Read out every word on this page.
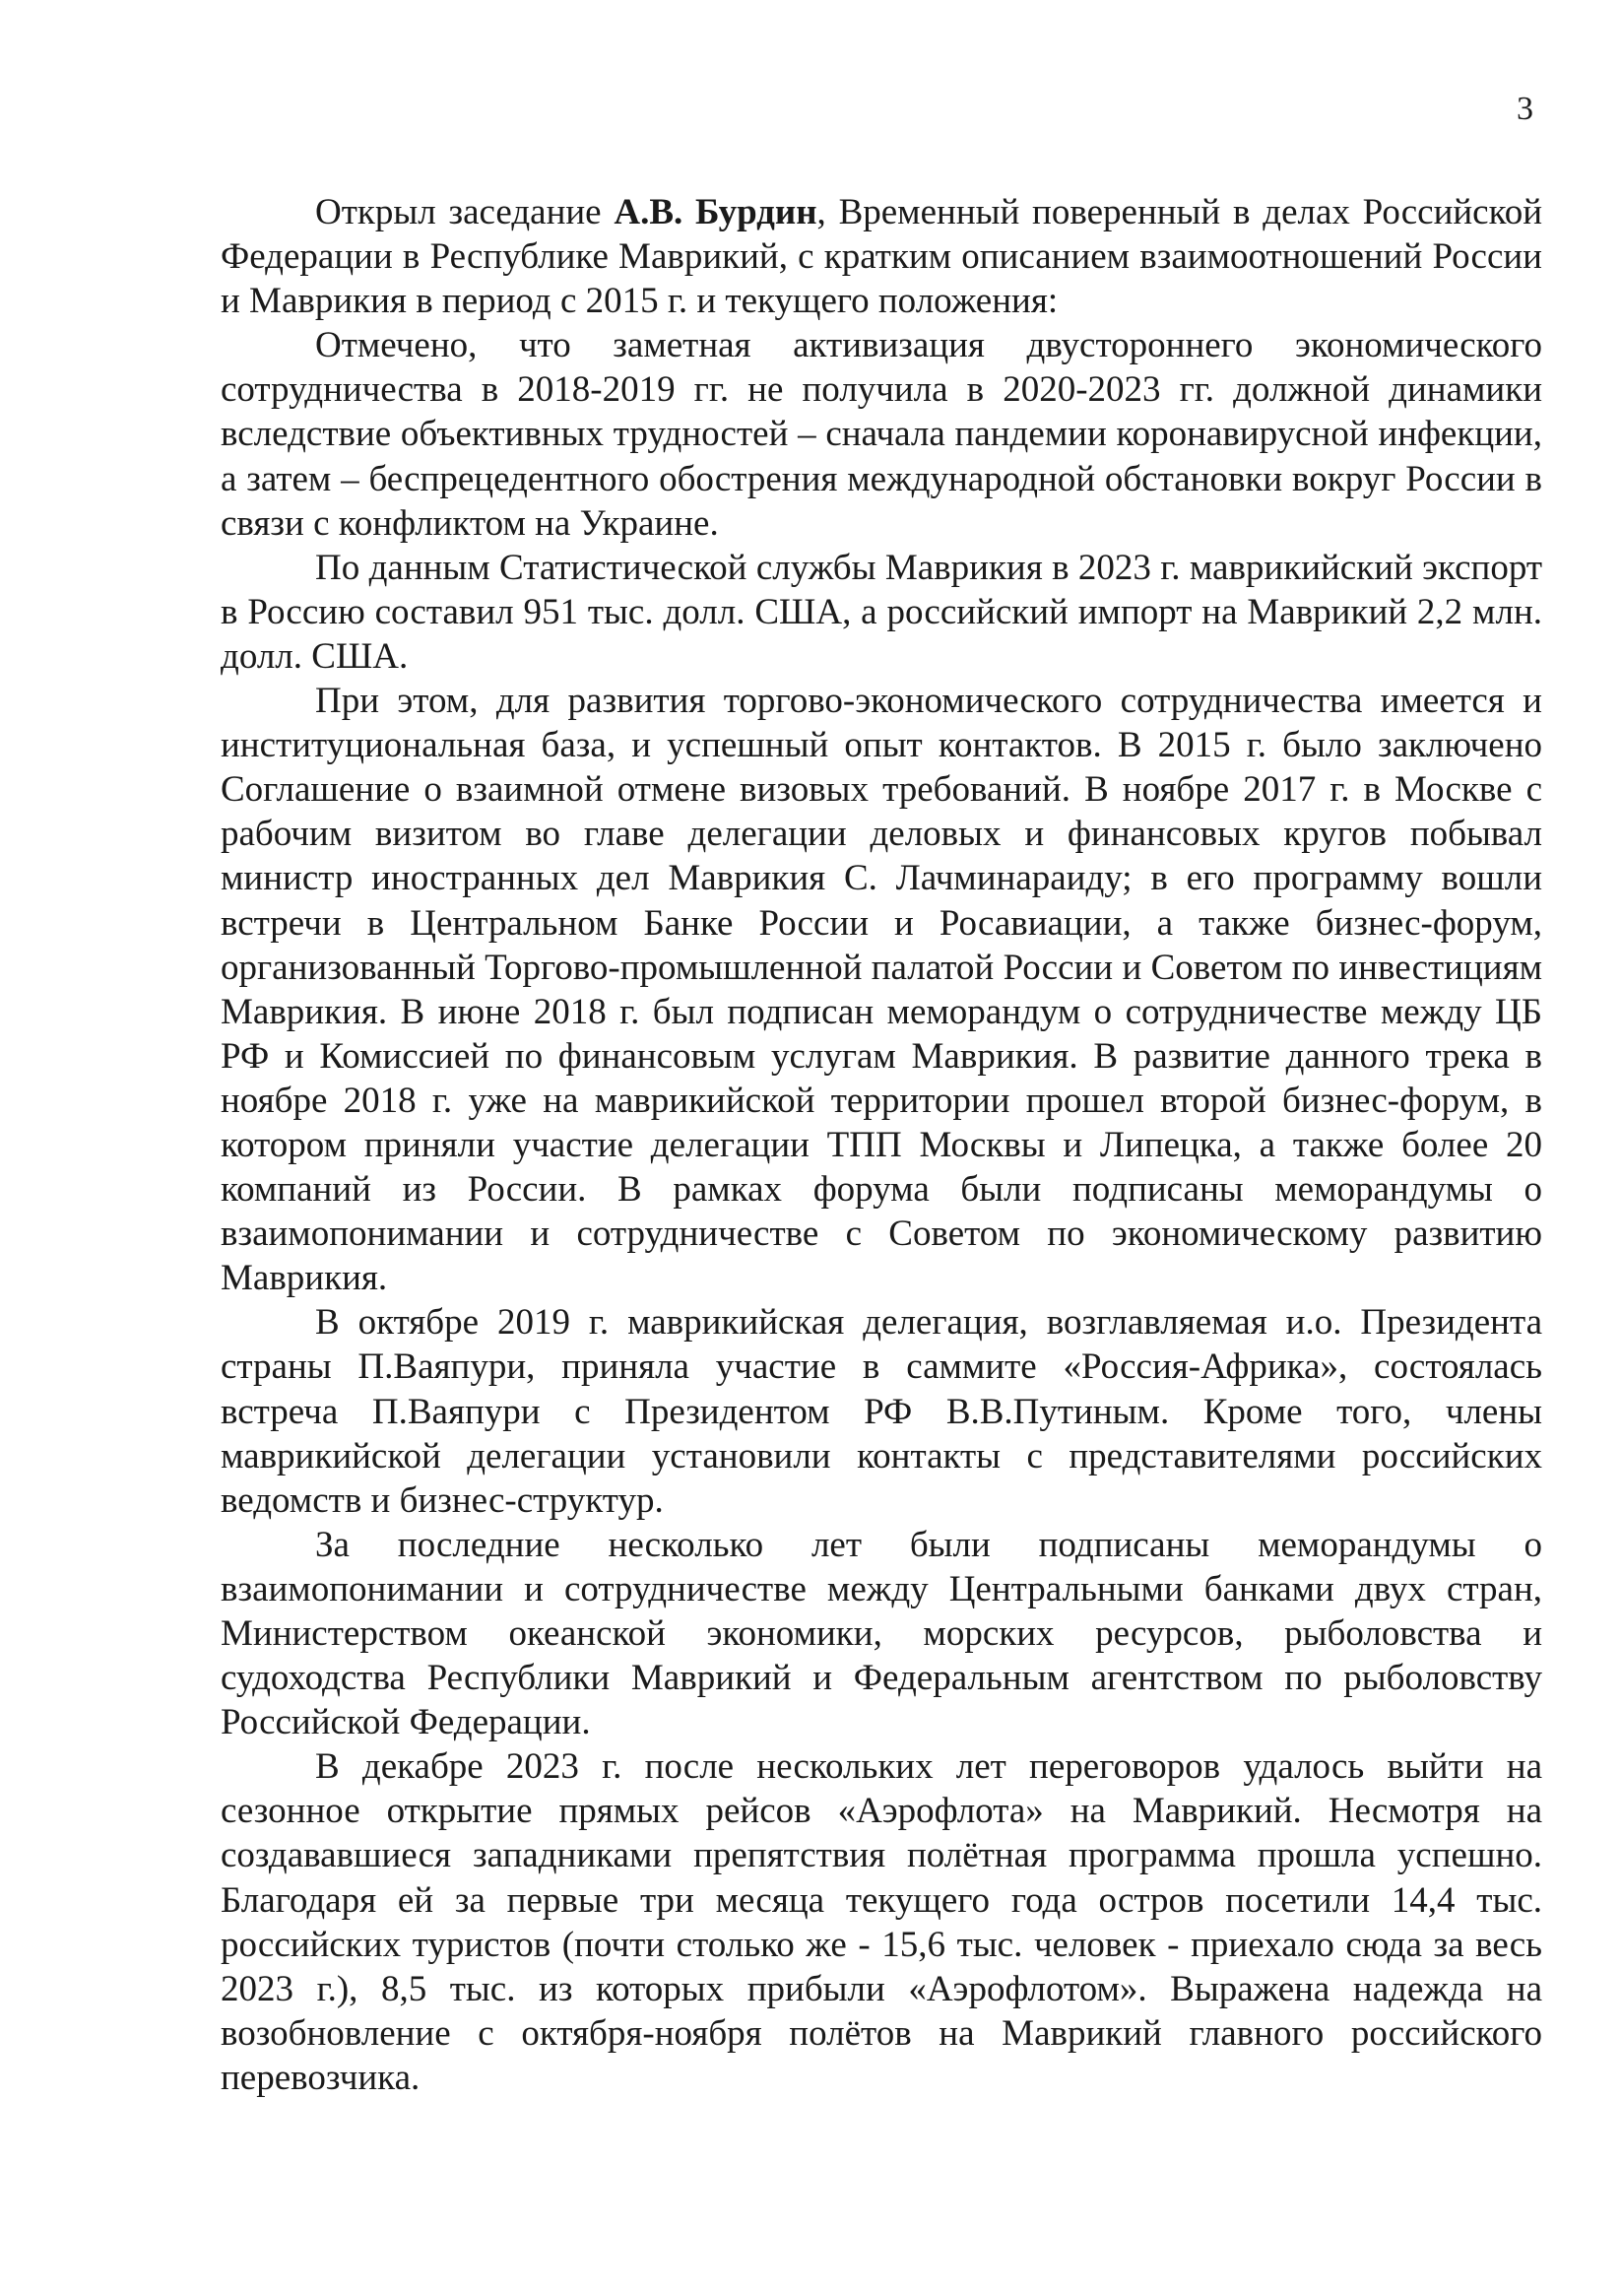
3

Открыл заседание А.В. Бурдин, Временный поверенный в делах Российской Федерации в Республике Маврикий, с кратким описанием взаимоотношений России и Маврикия в период с 2015 г. и текущего положения:

Отмечено, что заметная активизация двустороннего экономического сотрудничества в 2018-2019 гг. не получила в 2020-2023 гг. должной динамики вследствие объективных трудностей – сначала пандемии коронавирусной инфекции, а затем – беспрецедентного обострения международной обстановки вокруг России в связи с конфликтом на Украине.

По данным Статистической службы Маврикия в 2023 г. маврикийский экспорт в Россию составил 951 тыс. долл. США, а российский импорт на Маврикий 2,2 млн. долл. США.

При этом, для развития торгово-экономического сотрудничества имеется и институциональная база, и успешный опыт контактов. В 2015 г. было заключено Соглашение о взаимной отмене визовых требований. В ноябре 2017 г. в Москве с рабочим визитом во главе делегации деловых и финансовых кругов побывал министр иностранных дел Маврикия С. Лачминараиду; в его программу вошли встречи в Центральном Банке России и Росавиации, а также бизнес-форум, организованный Торгово-промышленной палатой России и Советом по инвестициям Маврикия. В июне 2018 г. был подписан меморандум о сотрудничестве между ЦБ РФ и Комиссией по финансовым услугам Маврикия. В развитие данного трека в ноябре 2018 г. уже на маврикийской территории прошел второй бизнес-форум, в котором приняли участие делегации ТПП Москвы и Липецка, а также более 20 компаний из России. В рамках форума были подписаны меморандумы о взаимопонимании и сотрудничестве с Советом по экономическому развитию Маврикия.

В октябре 2019 г. маврикийская делегация, возглавляемая и.о. Президента страны П.Ваяпури, приняла участие в саммите «Россия-Африка», состоялась встреча П.Ваяпури с Президентом РФ В.В.Путиным. Кроме того, члены маврикийской делегации установили контакты с представителями российских ведомств и бизнес-структур.

За последние несколько лет были подписаны меморандумы о взаимопонимании и сотрудничестве между Центральными банками двух стран, Министерством океанской экономики, морских ресурсов, рыболовства и судоходства Республики Маврикий и Федеральным агентством по рыболовству Российской Федерации.

В декабре 2023 г. после нескольких лет переговоров удалось выйти на сезонное открытие прямых рейсов «Аэрофлота» на Маврикий. Несмотря на создававшиеся западниками препятствия полётная программа прошла успешно. Благодаря ей за первые три месяца текущего года остров посетили 14,4 тыс. российских туристов (почти столько же - 15,6 тыс. человек - приехало сюда за весь 2023 г.), 8,5 тыс. из которых прибыли «Аэрофлотом». Выражена надежда на возобновление с октября-ноября полётов на Маврикий главного российского перевозчика.
